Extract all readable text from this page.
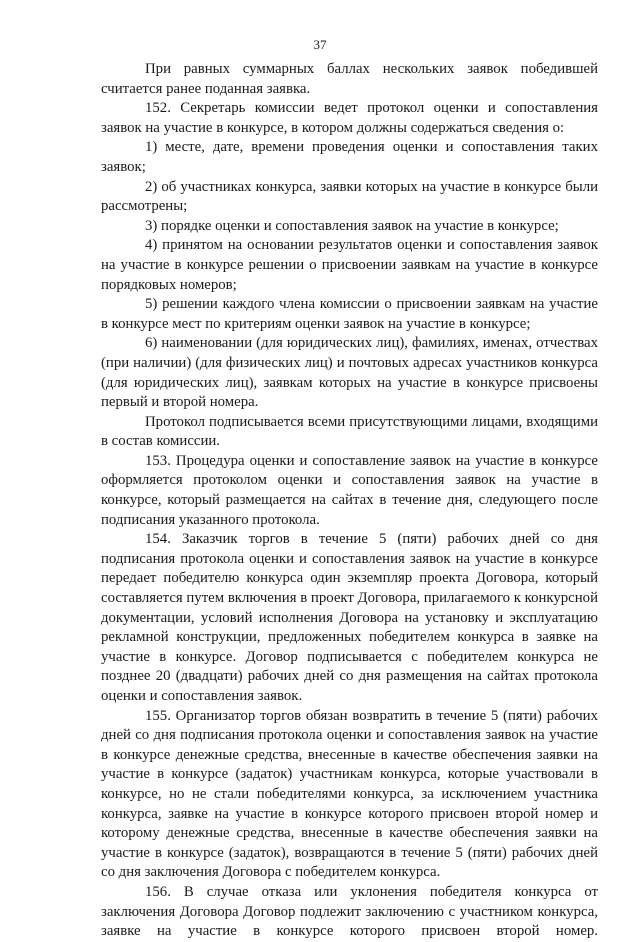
37

При равных суммарных баллах нескольких заявок победившей считается ранее поданная заявка.

152. Секретарь комиссии ведет протокол оценки и сопоставления заявок на участие в конкурсе, в котором должны содержаться сведения о:

1) месте, дате, времени проведения оценки и сопоставления таких заявок;

2) об участниках конкурса, заявки которых на участие в конкурсе были рассмотрены;

3) порядке оценки и сопоставления заявок на участие в конкурсе;

4) принятом на основании результатов оценки и сопоставления заявок на участие в конкурсе решении о присвоении заявкам на участие в конкурсе порядковых номеров;

5) решении каждого члена комиссии о присвоении заявкам на участие в конкурсе мест по критериям оценки заявок на участие в конкурсе;

6) наименовании (для юридических лиц), фамилиях, именах, отчествах (при наличии) (для физических лиц) и почтовых адресах участников конкурса (для юридических лиц), заявкам которых на участие в конкурсе присвоены первый и второй номера.

Протокол подписывается всеми присутствующими лицами, входящими в состав комиссии.

153. Процедура оценки и сопоставление заявок на участие в конкурсе оформляется протоколом оценки и сопоставления заявок на участие в конкурсе, который размещается на сайтах в течение дня, следующего после подписания указанного протокола.

154. Заказчик торгов в течение 5 (пяти) рабочих дней со дня подписания протокола оценки и сопоставления заявок на участие в конкурсе передает победителю конкурса один экземпляр проекта Договора, который составляется путем включения в проект Договора, прилагаемого к конкурсной документации, условий исполнения Договора на установку и эксплуатацию рекламной конструкции, предложенных победителем конкурса в заявке на участие в конкурсе. Договор подписывается с победителем конкурса не позднее 20 (двадцати) рабочих дней со дня размещения на сайтах протокола оценки и сопоставления заявок.

155. Организатор торгов обязан возвратить в течение 5 (пяти) рабочих дней со дня подписания протокола оценки и сопоставления заявок на участие в конкурсе денежные средства, внесенные в качестве обеспечения заявки на участие в конкурсе (задаток) участникам конкурса, которые участвовали в конкурсе, но не стали победителями конкурса, за исключением участника конкурса, заявке на участие в конкурсе которого присвоен второй номер и которому денежные средства, внесенные в качестве обеспечения заявки на участие в конкурсе (задаток), возвращаются в течение 5 (пяти) рабочих дней со дня заключения Договора с победителем конкурса.

156. В случае отказа или уклонения победителя конкурса от заключения Договора Договор подлежит заключению с участником конкурса, заявке на участие в конкурсе которого присвоен второй номер.
